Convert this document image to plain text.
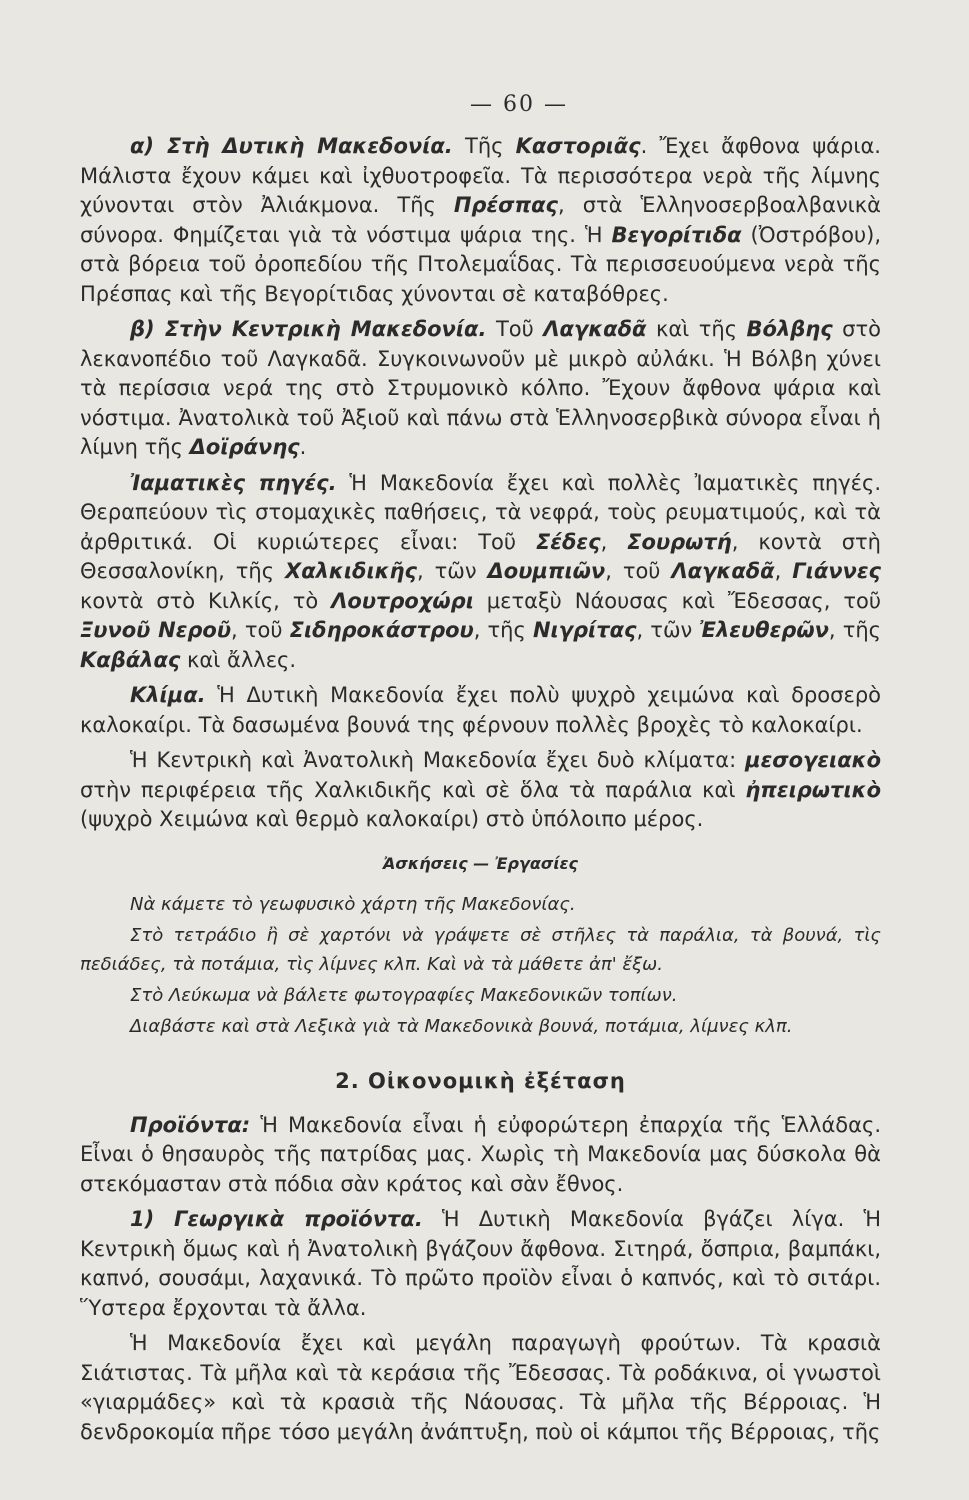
— 60 —

α) Στὴ Δυτικὴ Μακεδονία. Τῆς Καστοριᾶς. Ἔχει ἄφθονα ψάρια. Μάλιστα ἔχουν κάμει καὶ ἰχθυοτροφεῖα. Τὰ περισσότερα νερὰ τῆς λίμνης χύνονται στὸν Ἀλιάκμονα. Τῆς Πρέσπας, στὰ Ἑλληνοσερβοαλβανικὰ σύνορα. Φημίζεται γιὰ τὰ νόστιμα ψάρια της. Ἡ Βεγορίτιδα (Ὀστρόβου), στὰ βόρεια τοῦ ὀροπεδίου τῆς Πτολεμαΐδας. Τὰ περισσευούμενα νερὰ τῆς Πρέσπας καὶ τῆς Βεγορίτιδας χύνονται σὲ καταβόθρες.

β) Στὴν Κεντρικὴ Μακεδονία. Τοῦ Λαγκαδᾶ καὶ τῆς Βόλβης στὸ λεκανοπέδιο τοῦ Λαγκαδᾶ. Συγκοινωνοῦν μὲ μικρὸ αὐλάκι. Ἡ Βόλβη χύνει τὰ περίσσια νερά της στὸ Στρυμονικὸ κόλπο. Ἔχουν ἄφθονα ψάρια καὶ νόστιμα. Ἀνατολικὰ τοῦ Ἀξιοῦ καὶ πάνω στὰ Ἑλληνοσερβικὰ σύνορα εἶναι ἡ λίμνη τῆς Δοϊράνης.

Ἰαματικὲς πηγές. Ἡ Μακεδονία ἔχει καὶ πολλὲς Ἰαματικὲς πηγές. Θεραπεύουν τὶς στομαχικὲς παθήσεις, τὰ νεφρά, τοὺς ρευματιμούς, καὶ τὰ ἀρθριτικά. Οἱ κυριώτερες εἶναι: Τοῦ Σέδες, Σουρωτή, κοντὰ στὴ Θεσσαλονίκη, τῆς Χαλκιδικῆς, τῶν Δουμπιῶν, τοῦ Λαγκαδᾶ, Γιάννες κοντὰ στὸ Κιλκίς, τὸ Λουτροχώρι μεταξὺ Νάουσας καὶ Ἔδεσσας, τοῦ Ξυνοῦ Νεροῦ, τοῦ Σιδηροκάστρου, τῆς Νιγρίτας, τῶν Ἐλευθερῶν, τῆς Καβάλας καὶ ἄλλες.

Κλίμα. Ἡ Δυτικὴ Μακεδονία ἔχει πολὺ ψυχρὸ χειμώνα καὶ δροσερὸ καλοκαίρι. Τὰ δασωμένα βουνά της φέρνουν πολλὲς βροχὲς τὸ καλοκαίρι.

Ἡ Κεντρικὴ καὶ Ἀνατολικὴ Μακεδονία ἔχει δυὸ κλίματα: μεσογειακὸ στὴν περιφέρεια τῆς Χαλκιδικῆς καὶ σὲ ὅλα τὰ παράλια καὶ ἠπειρωτικὸ (ψυχρὸ Χειμώνα καὶ θερμὸ καλοκαίρι) στὸ ὑπόλοιπο μέρος.

Ἀσκήσεις — Ἐργασίες

Νὰ κάμετε τὸ γεωφυσικὸ χάρτη τῆς Μακεδονίας.

Στὸ τετράδιο ἢ σὲ χαρτόνι νὰ γράψετε σὲ στῆλες τὰ παράλια, τὰ βουνά, τὶς πεδιάδες, τὰ ποτάμια, τὶς λίμνες κλπ. Καὶ νὰ τὰ μάθετε ἀπ' ἔξω.

Στὸ Λεύκωμα νὰ βάλετε φωτογραφίες Μακεδονικῶν τοπίων.

Διαβάστε καὶ στὰ Λεξικὰ γιὰ τὰ Μακεδονικὰ βουνά, ποτάμια, λίμνες κλπ.

2. Οἰκονομικὴ ἐξέταση

Προϊόντα: Ἡ Μακεδονία εἶναι ἡ εὐφορώτερη ἐπαρχία τῆς Ἑλλάδας. Εἶναι ὁ θησαυρὸς τῆς πατρίδας μας. Χωρὶς τὴ Μακεδονία μας δύσκολα θὰ στεκόμασταν στὰ πόδια σὰν κράτος καὶ σὰν ἔθνος.

1) Γεωργικὰ προϊόντα. Ἡ Δυτικὴ Μακεδονία βγάζει λίγα. Ἡ Κεντρικὴ ὅμως καὶ ἡ Ἀνατολικὴ βγάζουν ἄφθονα. Σιτηρά, ὄσπρια, βαμπάκι, καπνό, σουσάμι, λαχανικά. Τὸ πρῶτο προϊὸν εἶναι ὁ καπνός, καὶ τὸ σιτάρι. Ὕστερα ἔρχονται τὰ ἄλλα.

Ἡ Μακεδονία ἔχει καὶ μεγάλη παραγωγὴ φρούτων. Τὰ κρασιὰ Σιάτιστας. Τὰ μῆλα καὶ τὰ κεράσια τῆς Ἔδεσσας. Τὰ ροδάκινα, οἱ γνωστοὶ «γιαρμάδες» καὶ τὰ κρασιὰ τῆς Νάουσας. Τὰ μῆλα τῆς Βέρροιας. Ἡ δενδροκομία πῆρε τόσο μεγάλη ἀνάπτυξη, ποὺ οἱ κάμποι τῆς Βέρροιας, τῆς
